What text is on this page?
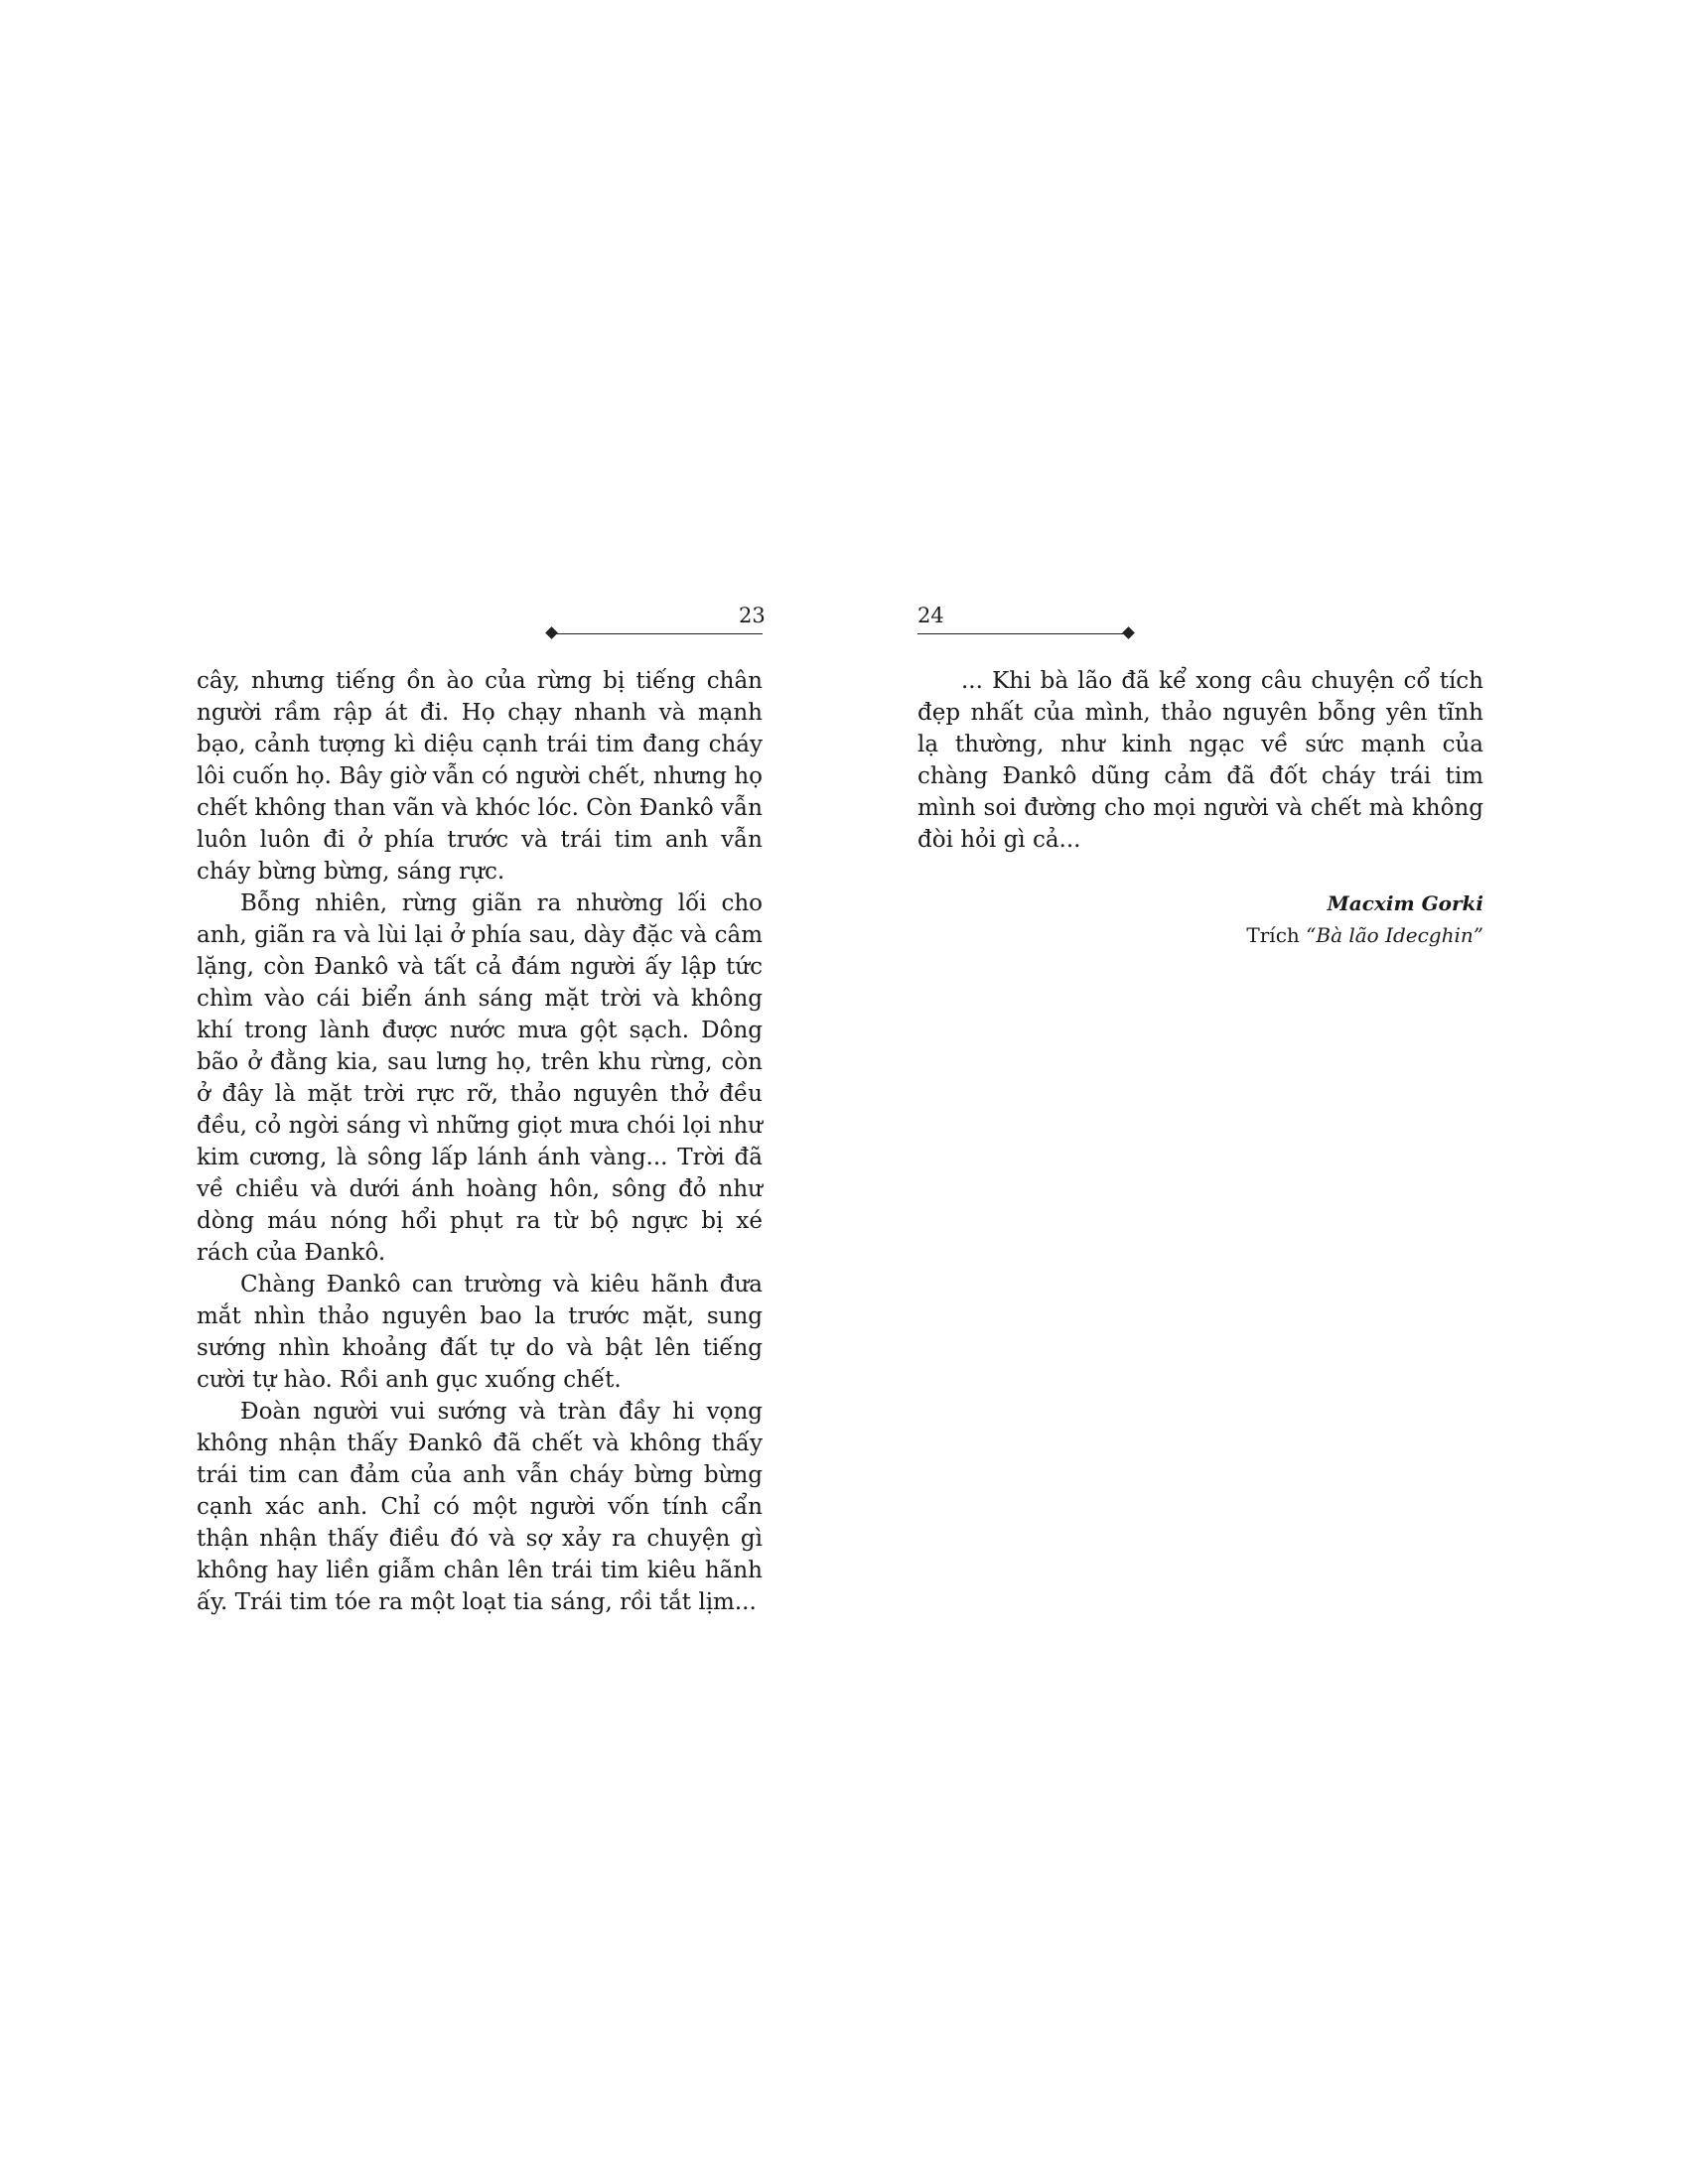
23	24

cây, nhưng tiếng ồn ào của rừng bị tiếng chân người rầm rập át đi. Họ chạy nhanh và mạnh bạo, cảnh tượng kì diệu cạnh trái tim đang cháy lôi cuốn họ. Bây giờ vẫn có người chết, nhưng họ chết không than vãn và khóc lóc. Còn Đankô vẫn luôn luôn đi ở phía trước và trái tim anh vẫn cháy bừng bừng, sáng rực.

Bỗng nhiên, rừng giãn ra nhường lối cho anh, giãn ra và lùi lại ở phía sau, dày đặc và câm lặng, còn Đankô và tất cả đám người ấy lập tức chìm vào cái biển ánh sáng mặt trời và không khí trong lành được nước mưa gột sạch. Dông bão ở đằng kia, sau lưng họ, trên khu rừng, còn ở đây là mặt trời rực rỡ, thảo nguyên thở đều đều, cỏ ngời sáng vì những giọt mưa chói lọi như kim cương, là sông lấp lánh ánh vàng... Trời đã về chiều và dưới ánh hoàng hôn, sông đỏ như dòng máu nóng hổi phụt ra từ bộ ngực bị xé rách của Đankô.

Chàng Đankô can trường và kiêu hãnh đưa mắt nhìn thảo nguyên bao la trước mặt, sung sướng nhìn khoảng đất tự do và bật lên tiếng cười tự hào. Rồi anh gục xuống chết.

Đoàn người vui sướng và tràn đầy hi vọng không nhận thấy Đankô đã chết và không thấy trái tim can đảm của anh vẫn cháy bừng bừng cạnh xác anh. Chỉ có một người vốn tính cẩn thận nhận thấy điều đó và sợ xảy ra chuyện gì không hay liền giẫm chân lên trái tim kiêu hãnh ấy. Trái tim tóe ra một loạt tia sáng, rồi tắt lịm...

... Khi bà lão đã kể xong câu chuyện cổ tích đẹp nhất của mình, thảo nguyên bỗng yên tĩnh lạ thường, như kinh ngạc về sức mạnh của chàng Đankô dũng cảm đã đốt cháy trái tim mình soi đường cho mọi người và chết mà không đòi hỏi gì cả...

Macxim Gorki
Trích “Bà lão Idecghin”
